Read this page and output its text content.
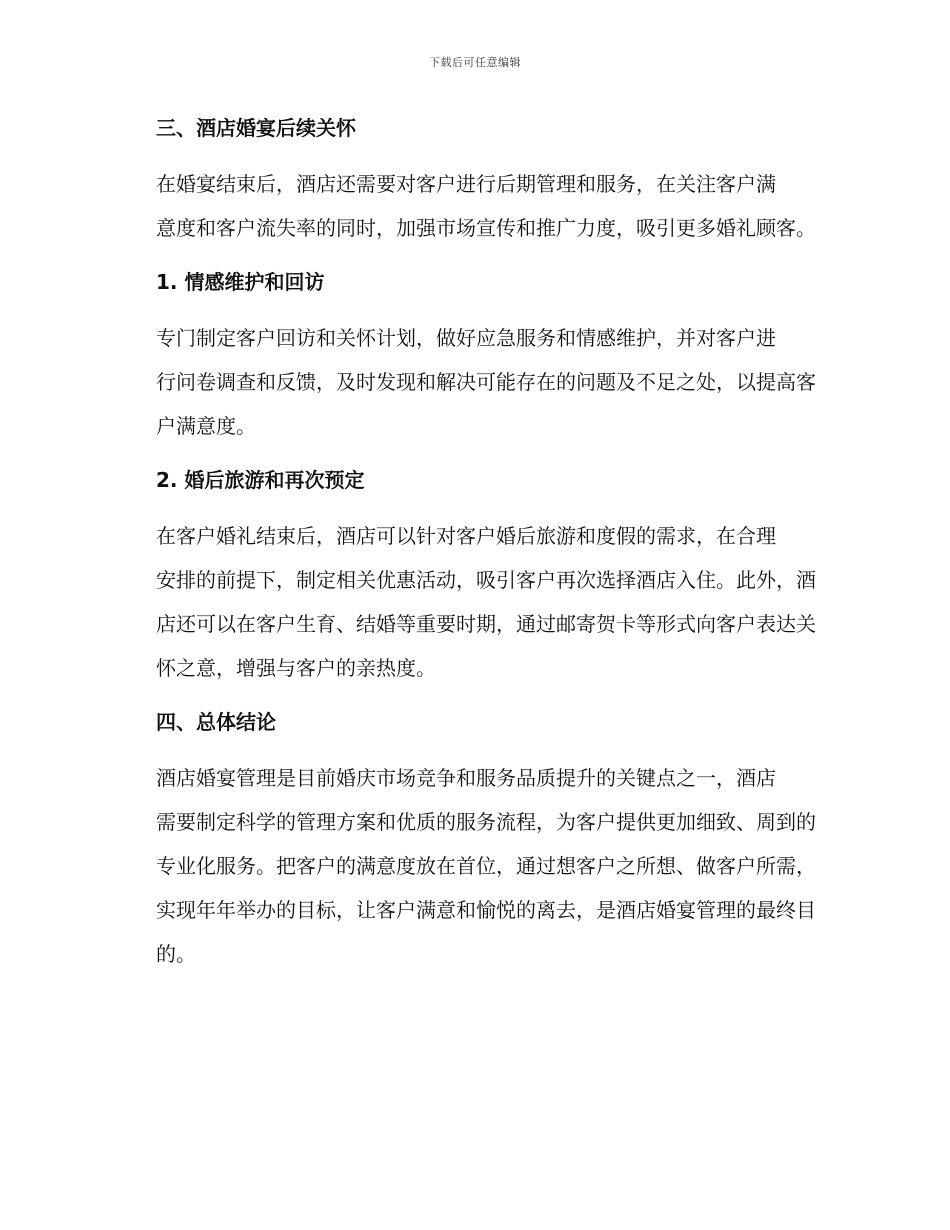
下载后可任意编辑
三、酒店婚宴后续关怀
在婚宴结束后，酒店还需要对客户进行后期管理和服务，在关注客户满
意度和客户流失率的同时，加强市场宣传和推广力度，吸引更多婚礼顾客。
1. 情感维护和回访
专门制定客户回访和关怀计划，做好应急服务和情感维护，并对客户进
行问卷调查和反馈，及时发现和解决可能存在的问题及不足之处，以提高客
户满意度。
2. 婚后旅游和再次预定
在客户婚礼结束后，酒店可以针对客户婚后旅游和度假的需求，在合理
安排的前提下，制定相关优惠活动，吸引客户再次选择酒店入住。此外，酒
店还可以在客户生育、结婚等重要时期，通过邮寄贺卡等形式向客户表达关
怀之意，增强与客户的亲热度。
四、总体结论
酒店婚宴管理是目前婚庆市场竞争和服务品质提升的关键点之一，酒店
需要制定科学的管理方案和优质的服务流程，为客户提供更加细致、周到的
专业化服务。把客户的满意度放在首位，通过想客户之所想、做客户所需，
实现年年举办的目标，让客户满意和愉悦的离去，是酒店婚宴管理的最终目
的。
